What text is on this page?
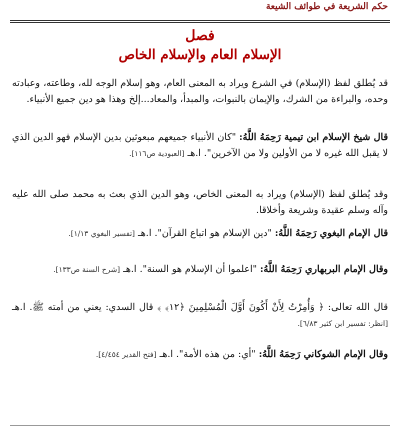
حكم الشريعة في طوائف الشيعة
فصل
الإسلام العام والإسلام الخاص
قد يُطلق لفظ (الإسلام) في الشرع ويراد به المعنى العام، وهو إسلام الوجه لله، وطاعته، وعبادته وحده، والبراءة من الشرك، والإيمان بالنبوات، والمبدأ، والمعاد...إلخ وهذا هو دين جميع الأنبياء.
قال شيخ الإسلام ابن تيمية رَحِمَهُ اللَّهُ: "كان الأنبياء جميعهم مبعوثين بدين الإسلام فهو الدين الذي لا يقبل الله غيره لا من الأولين ولا من الآخرين". ا.هـ [العبودية ص١١٦].
وقد يُطلق لفظ (الإسلام) ويراد به المعنى الخاص، وهو الدين الذي بعث به محمد صلى الله عليه وآله وسلم عقيدة وشريعة وأخلاقا.
قال الإمام البغوي رَحِمَهُ اللَّهُ: "دين الإسلام هو اتباع القرآن". ا.هـ [تفسير البغوي ١/١٣].
وقال الإمام البربهاري رَحِمَهُ اللَّهُ: "اعلموا أن الإسلام هو السنة". ا.هـ [شرح السنة ص١٣٣].
قال الله تعالى: ﴿ وَأُمِرْتُ لِأَنْ أَكُونَ أَوَّلَ الْمُسْلِمِينَ ﴿١٢﴾ ﴾ قال السدي: يعني من أمته ﷺ. ا.هـ [انظر: تفسير ابن كثير ٦/٨٣].
وقال الإمام الشوكاني رَحِمَهُ اللَّهُ: "أي: من هذه الأمة". ا.هـ [فتح القدير ٤/٤٥٤].
